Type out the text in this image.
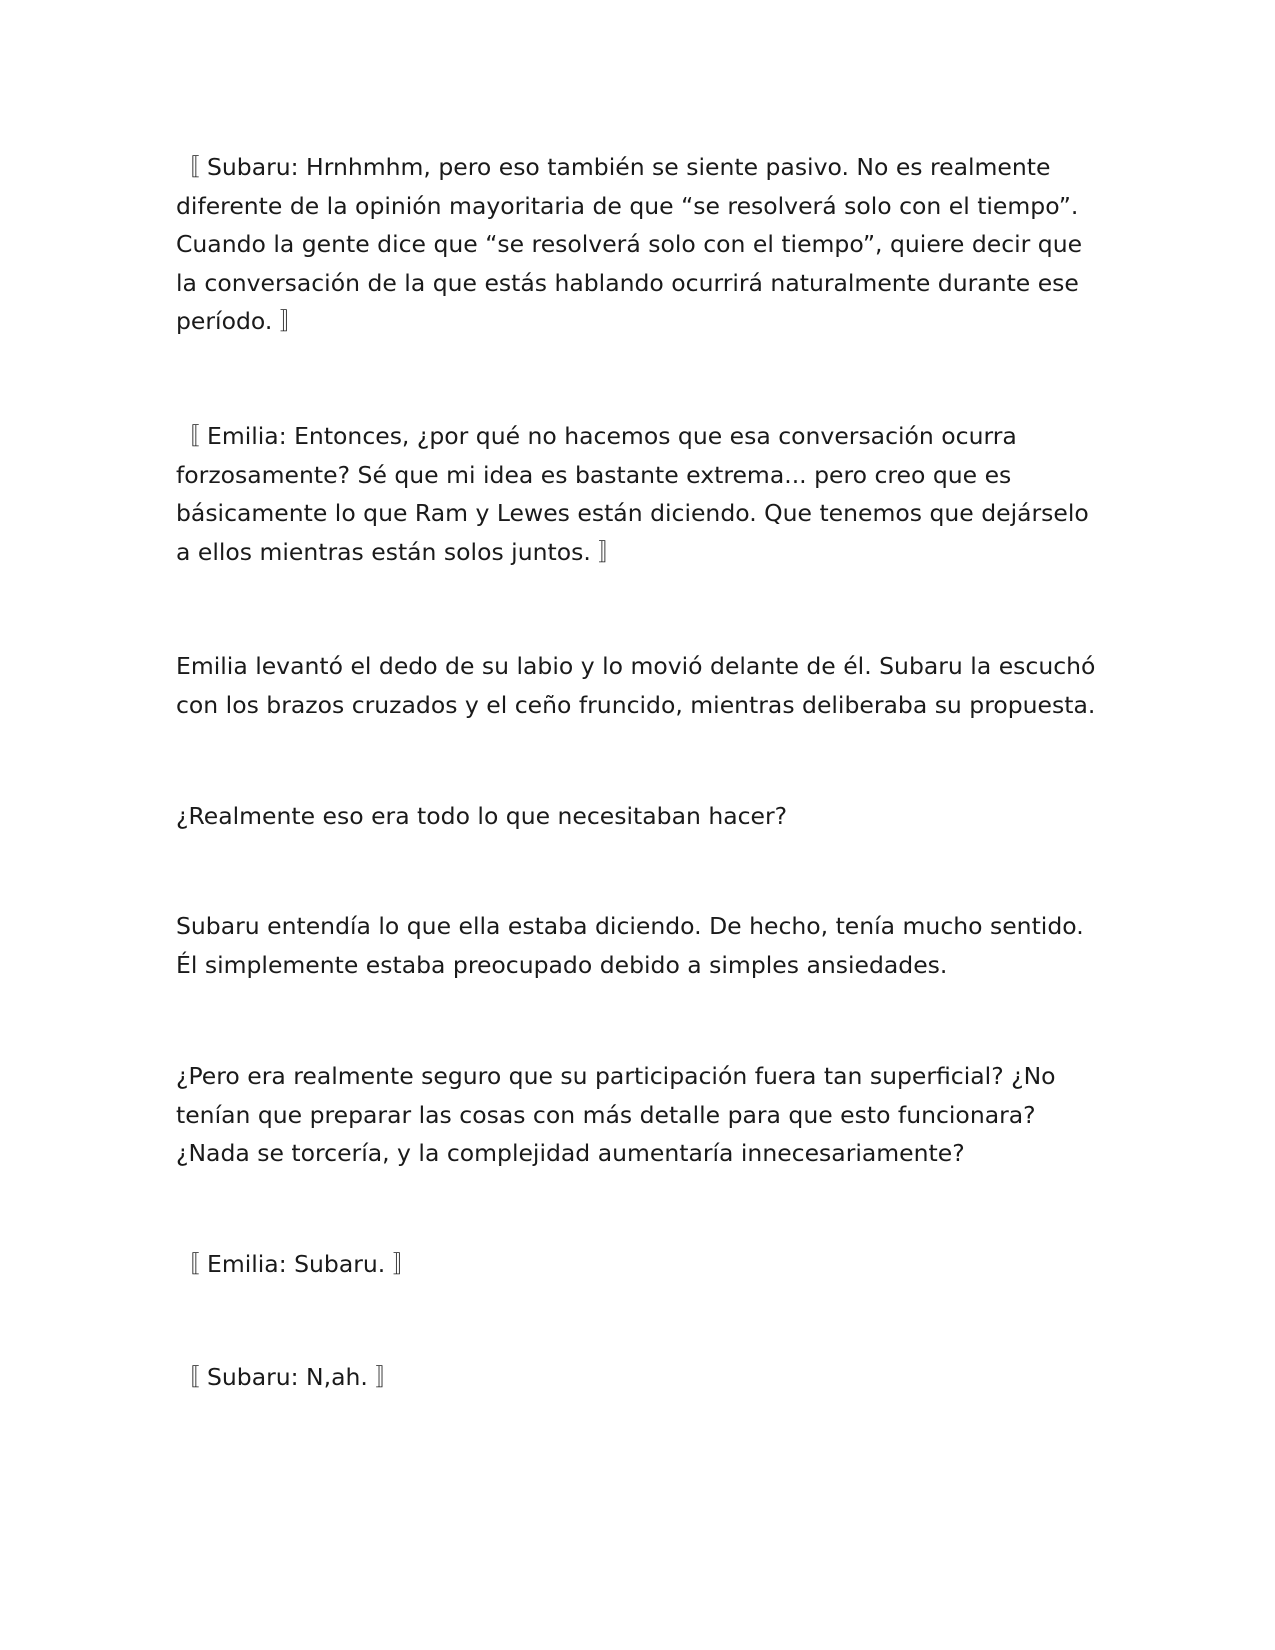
〚 Subaru: Hrnhmhm, pero eso también se siente pasivo. No es realmente
diferente de la opinión mayoritaria de que “se resolverá solo con el tiempo”.
Cuando la gente dice que “se resolverá solo con el tiempo”, quiere decir que
la conversación de la que estás hablando ocurrirá naturalmente durante ese
período. 〛

〚 Emilia: Entonces, ¿por qué no hacemos que esa conversación ocurra
forzosamente? Sé que mi idea es bastante extrema... pero creo que es
básicamente lo que Ram y Lewes están diciendo. Que tenemos que dejárselo
a ellos mientras están solos juntos. 〛

Emilia levantó el dedo de su labio y lo movió delante de él. Subaru la escuchó
con los brazos cruzados y el ceño fruncido, mientras deliberaba su propuesta.

¿Realmente eso era todo lo que necesitaban hacer?

Subaru entendía lo que ella estaba diciendo. De hecho, tenía mucho sentido.
Él simplemente estaba preocupado debido a simples ansiedades.

¿Pero era realmente seguro que su participación fuera tan superficial? ¿No
tenían que preparar las cosas con más detalle para que esto funcionara?
¿Nada se torcería, y la complejidad aumentaría innecesariamente?

〚 Emilia: Subaru. 〛

〚 Subaru: N,ah. 〛
